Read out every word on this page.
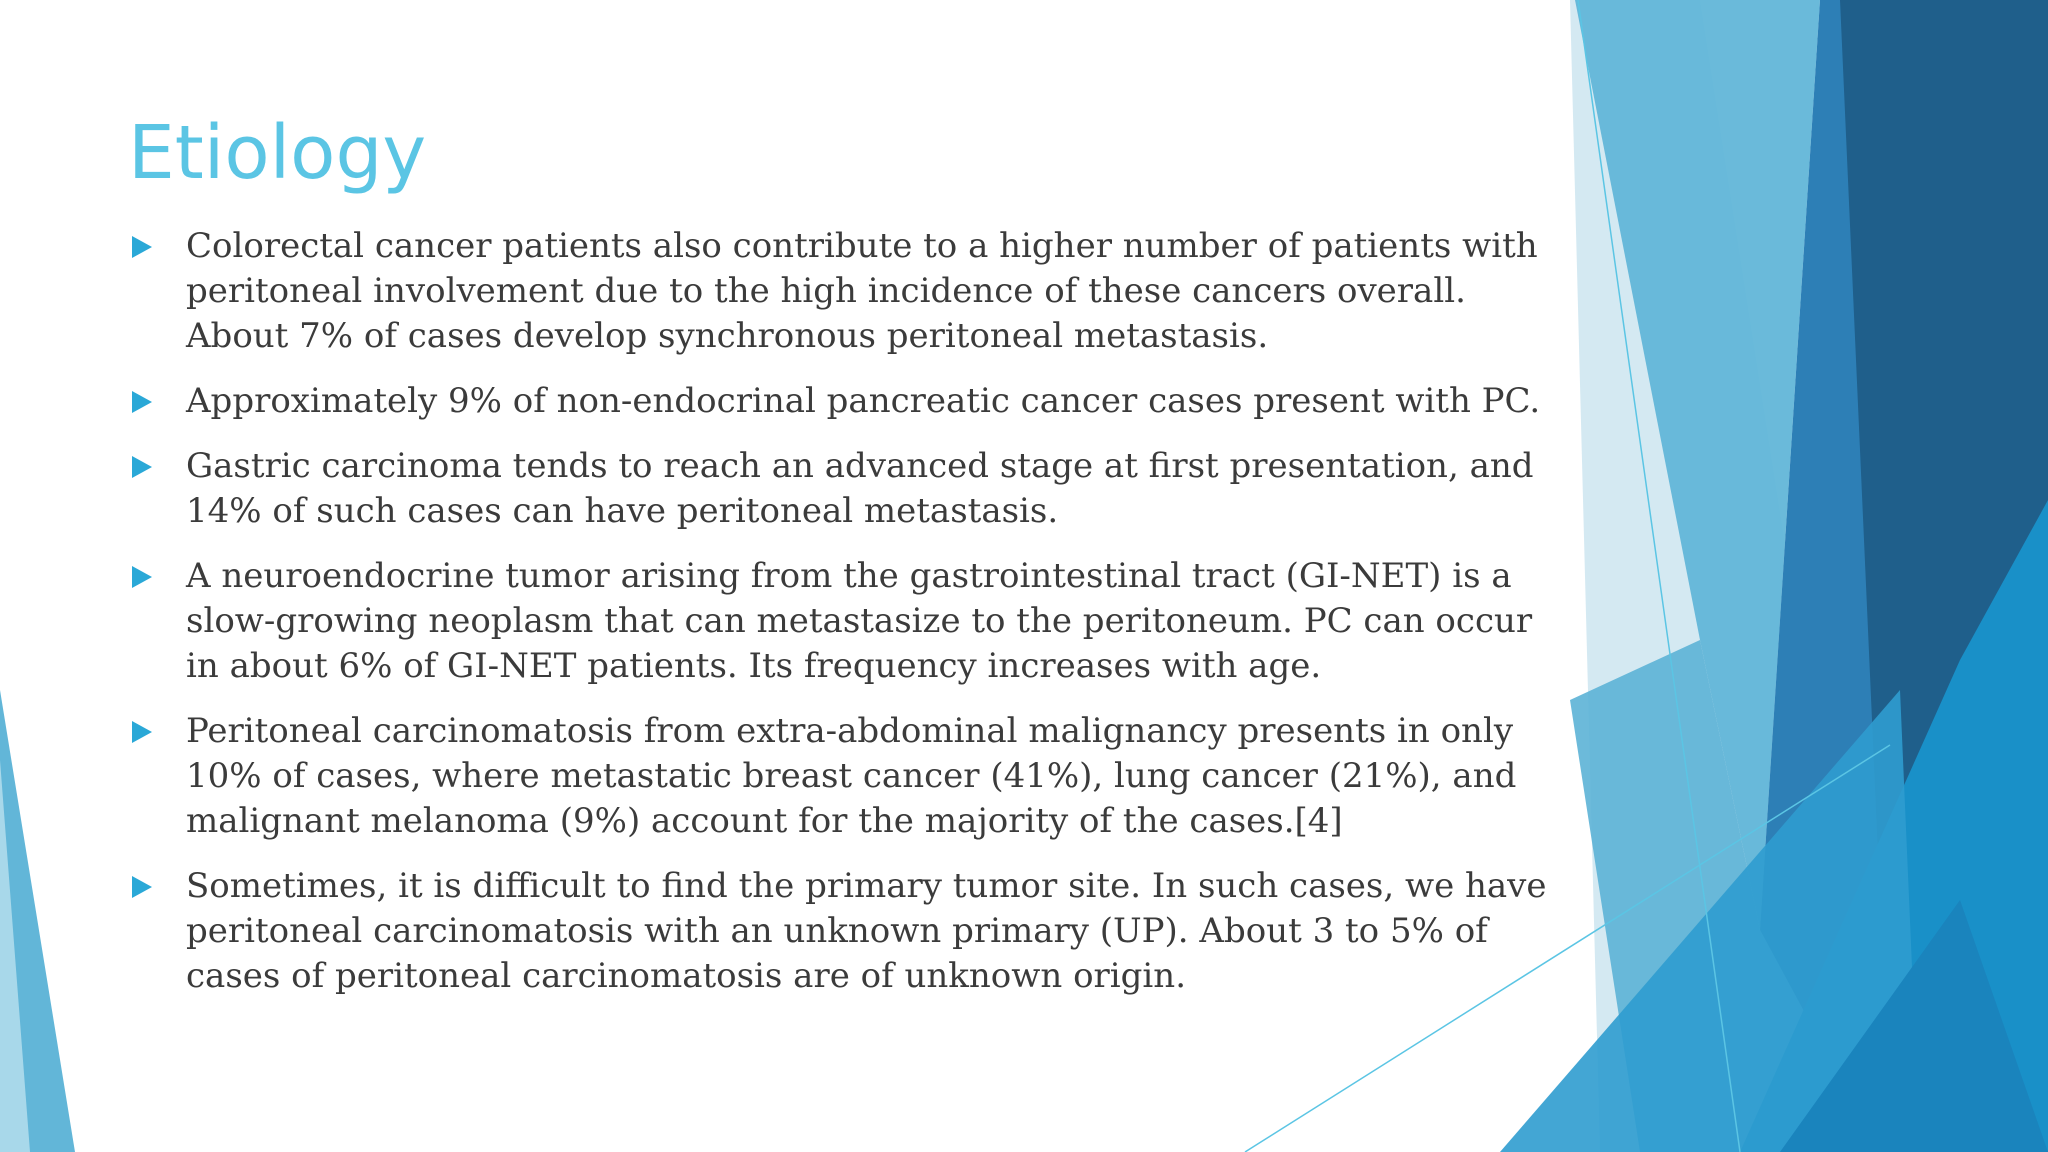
Etiology
Colorectal cancer patients also contribute to a higher number of patients with peritoneal involvement due to the high incidence of these cancers overall. About 7% of cases develop synchronous peritoneal metastasis.
Approximately 9% of non-endocrinal pancreatic cancer cases present with PC.
Gastric carcinoma tends to reach an advanced stage at first presentation, and 14% of such cases can have peritoneal metastasis.
A neuroendocrine tumor arising from the gastrointestinal tract (GI-NET) is a slow-growing neoplasm that can metastasize to the peritoneum. PC can occur in about 6% of GI-NET patients. Its frequency increases with age.
Peritoneal carcinomatosis from extra-abdominal malignancy presents in only 10% of cases, where metastatic breast cancer (41%), lung cancer (21%), and malignant melanoma (9%) account for the majority of the cases.[4]
Sometimes, it is difficult to find the primary tumor site. In such cases, we have peritoneal carcinomatosis with an unknown primary (UP). About 3 to 5% of cases of peritoneal carcinomatosis are of unknown origin.
